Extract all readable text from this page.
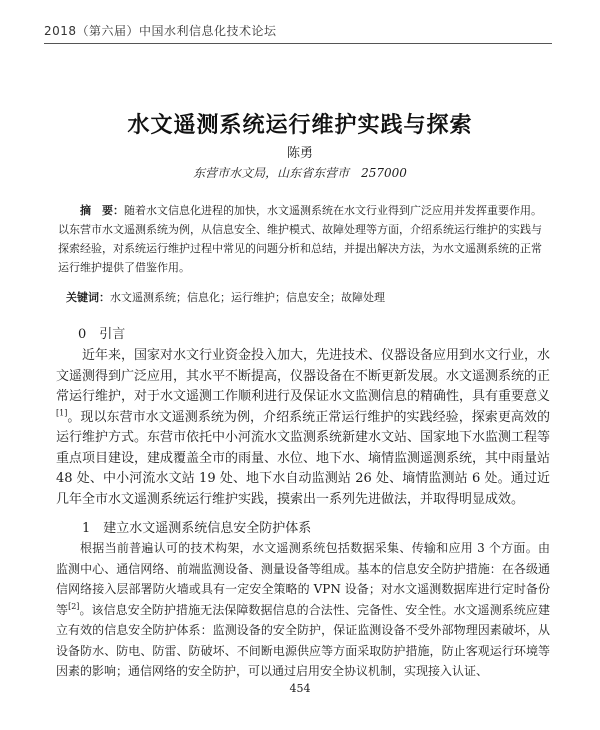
2018（第六届）中国水利信息化技术论坛
水文遥测系统运行维护实践与探索
陈勇
东营市水文局，山东省东营市　257000
摘　要：随着水文信息化进程的加快，水文遥测系统在水文行业得到广泛应用并发挥重要作用。以东营市水文遥测系统为例，从信息安全、维护模式、故障处理等方面，介绍系统运行维护的实践与探索经验，对系统运行维护过程中常见的问题分析和总结，并提出解决方法，为水文遥测系统的正常运行维护提供了借鉴作用。
关键词：水文遥测系统；信息化；运行维护；信息安全；故障处理
0　引言

近年来，国家对水文行业资金投入加大，先进技术、仪器设备应用到水文行业，水文遥测得到广泛应用，其水平不断提高，仪器设备在不断更新发展。水文遥测系统的正常运行维护，对于水文遥测工作顺利进行及保证水文监测信息的精确性，具有重要意义[1]。现以东营市水文遥测系统为例，介绍系统正常运行维护的实践经验，探索更高效的运行维护方式。东营市依托中小河流水文监测系统新建水文站、国家地下水监测工程等重点项目建设，建成覆盖全市的雨量、水位、地下水、墒情监测遥测系统，其中雨量站 48 处、中小河流水文站 19 处、地下水自动监测站 26 处、墒情监测站 6 处。通过近几年全市水文遥测系统运行维护实践，摸索出一系列先进做法，并取得明显成效。

1　建立水文遥测系统信息安全防护体系

根据当前普遍认可的技术构架，水文遥测系统包括数据采集、传输和应用 3 个方面。由监测中心、通信网络、前端监测设备、测量设备等组成。基本的信息安全防护措施：在各级通信网络接入层部署防火墙或具有一定安全策略的 VPN 设备；对水文遥测数据库进行定时备份等[2]。该信息安全防护措施无法保障数据信息的合法性、完备性、安全性。水文遥测系统应建立有效的信息安全防护体系：监测设备的安全防护，保证监测设备不受外部物理因素破坏，从设备防水、防电、防雷、防破坏、不间断电源供应等方面采取防护措施，防止客观运行环境等因素的影响；通信网络的安全防护，可以通过启用安全协议机制，实现接入认证、

454
